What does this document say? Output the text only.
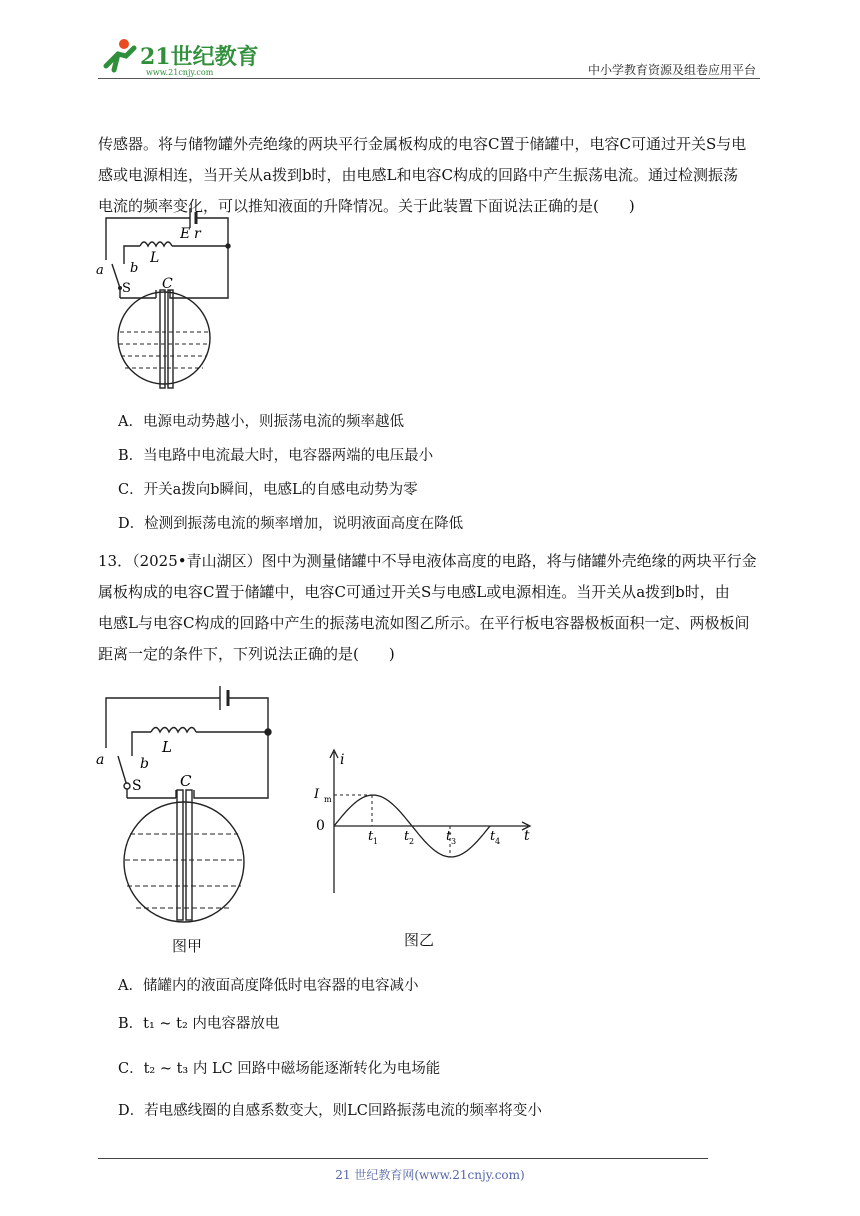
21世纪教育
www.21cnjy.com	中小学教育资源及组卷应用平台
传感器。将与储物罐外壳绝缘的两块平行金属板构成的电容C置于储罐中，电容C可通过开关S与电
感或电源相连，当开关从a拨到b时，由电感L和电容C构成的回路中产生振荡电流。通过检测振荡
电流的频率变化，可以推知液面的升降情况。关于此装置下面说法正确的是(　　)
E r
L
a b
S C
A．电源电动势越小，则振荡电流的频率越低
B．当电路中电流最大时，电容器两端的电压最小
C．开关a拨向b瞬间，电感L的自感电动势为零
D．检测到振荡电流的频率增加，说明液面高度在降低
13．（2025•青山湖区）图中为测量储罐中不导电液体高度的电路，将与储罐外壳绝缘的两块平行金
属板构成的电容C置于储罐中，电容C可通过开关S与电感L或电源相连。当开关从a拨到b时，由
电感L与电容C构成的回路中产生的振荡电流如图乙所示。在平行板电容器极板面积一定、两极板间
距离一定的条件下，下列说法正确的是(　　)
L
a	b
S	C
图甲
i
I m
0
t
t 1 t 2 t 3	t 4
图乙
A．储罐内的液面高度降低时电容器的电容减小
B．t₁ ~ t₂ 内电容器放电
C．t₂ ~ t₃ 内 LC 回路中磁场能逐渐转化为电场能
D．若电感线圈的自感系数变大，则LC回路振荡电流的频率将变小
21 世纪教育网(www.21cnjy.com)
